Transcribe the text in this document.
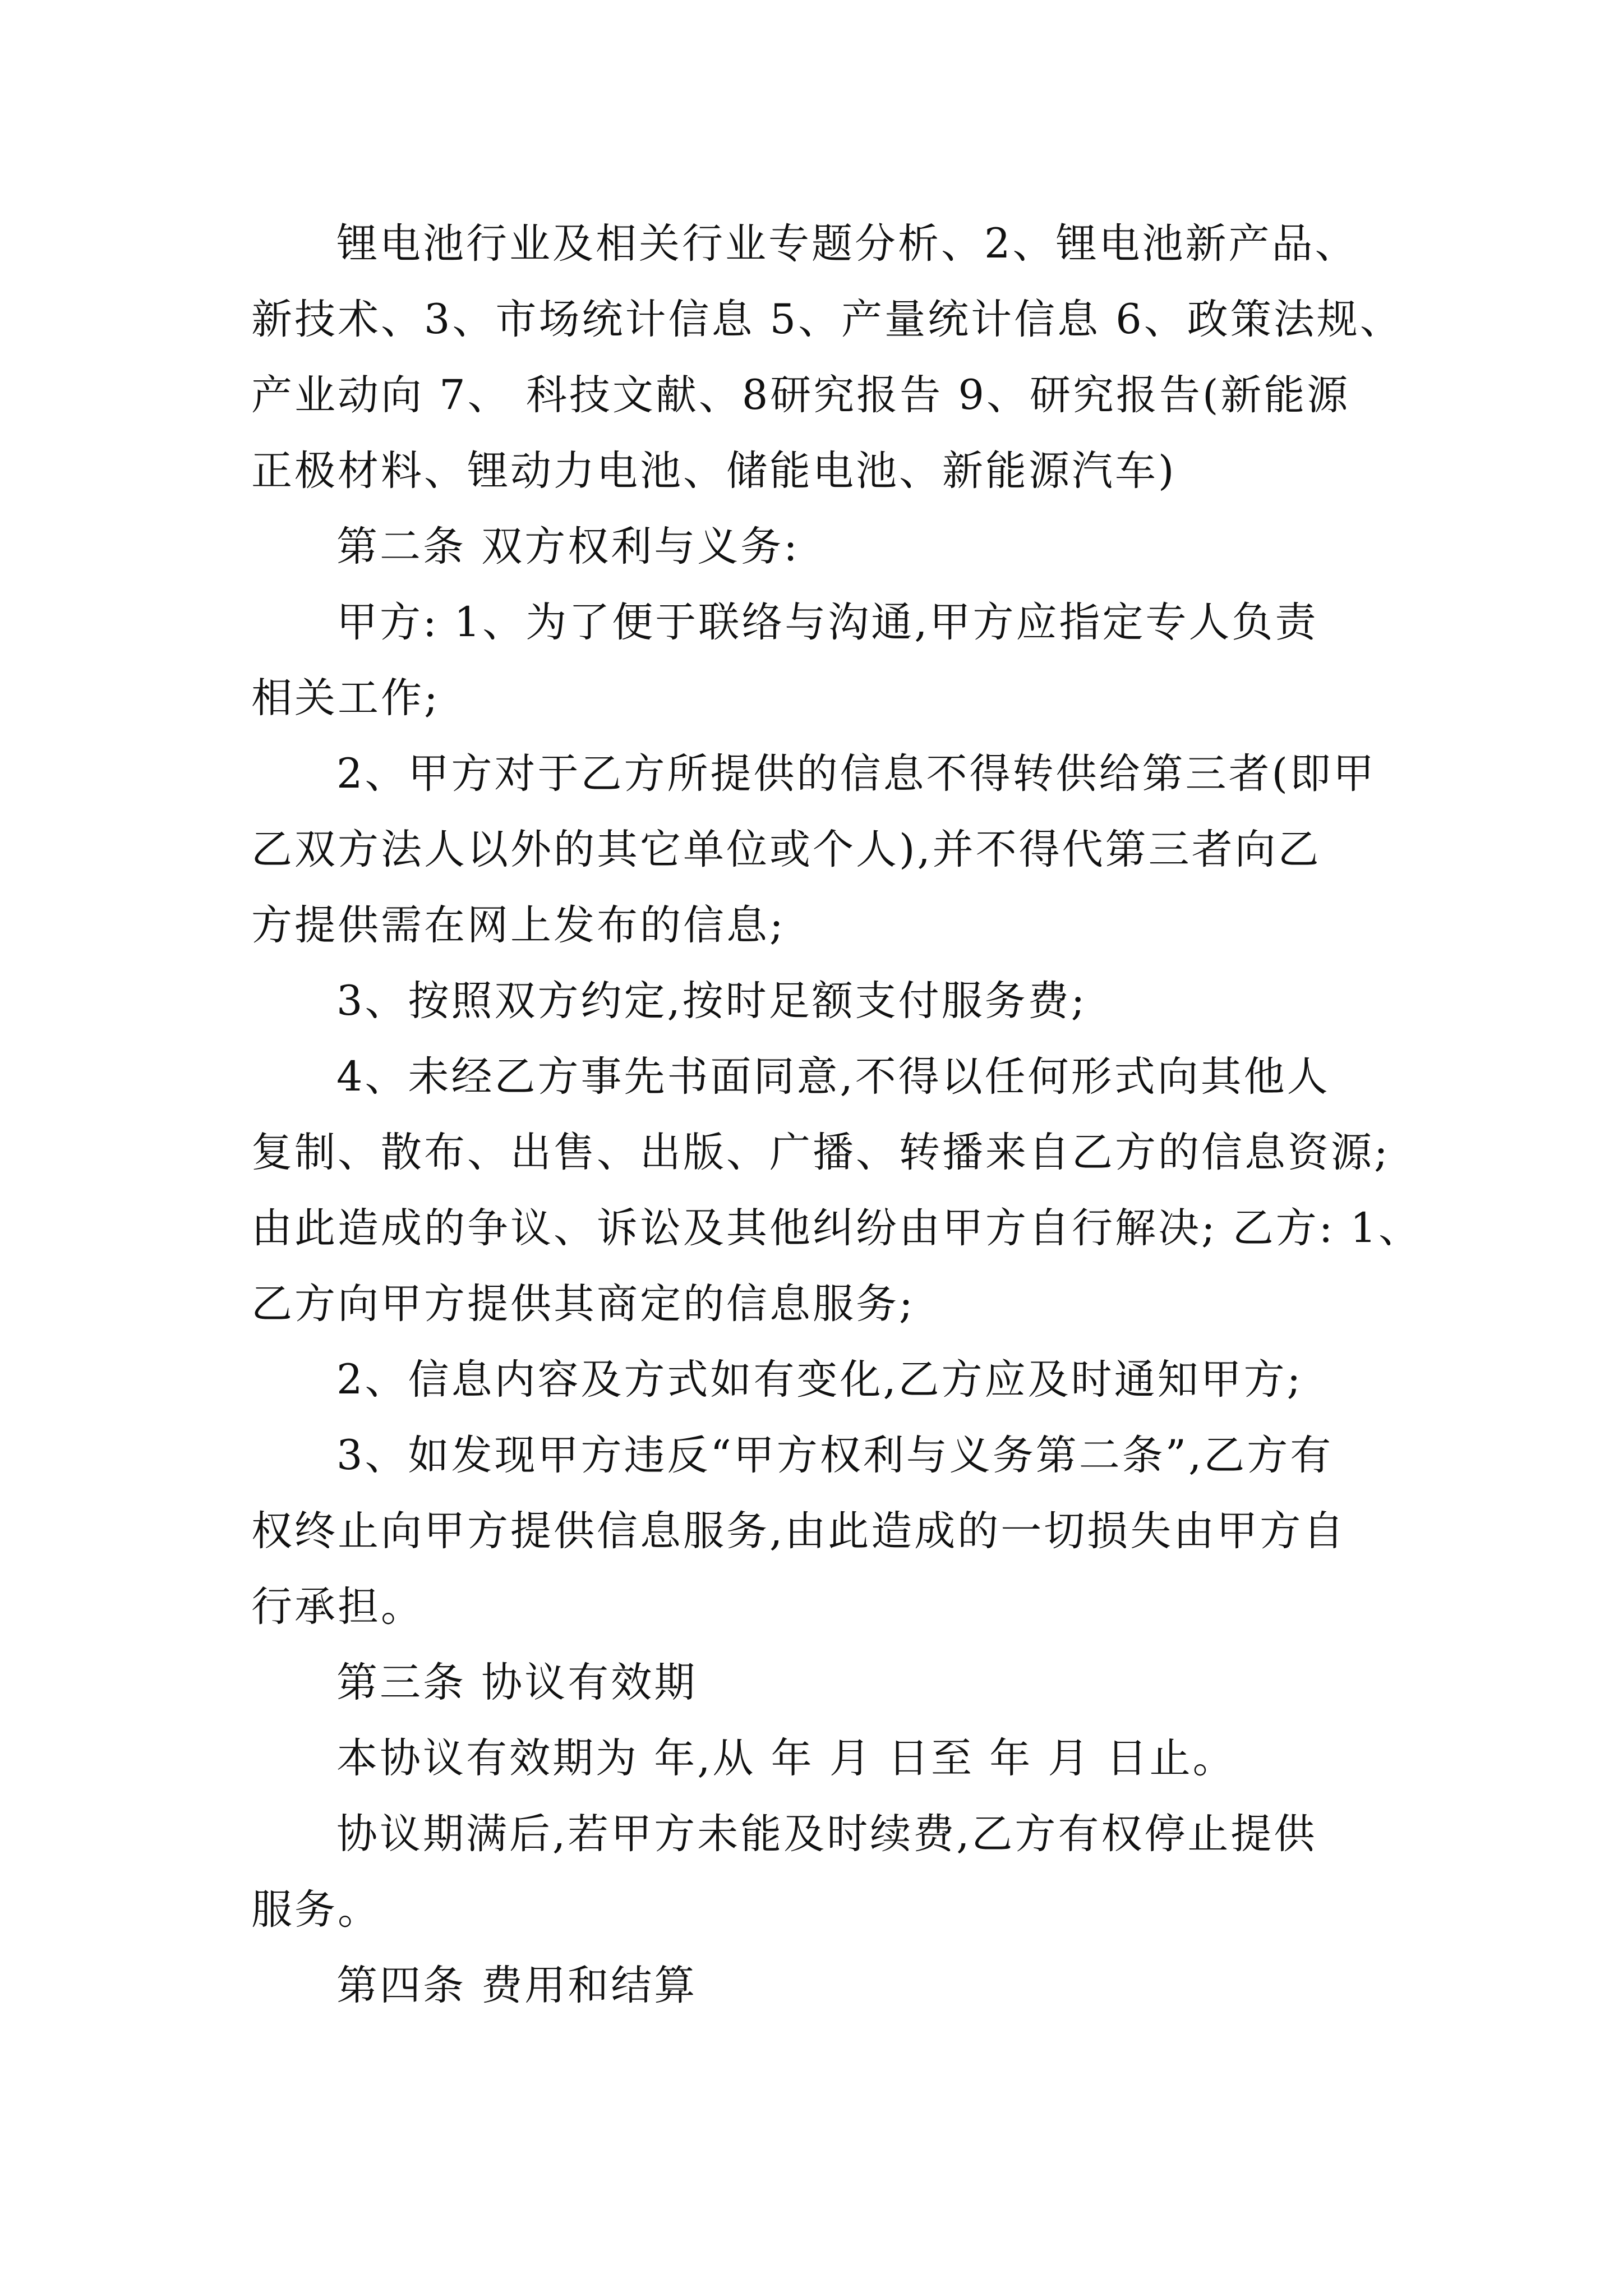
锂电池行业及相关行业专题分析、2、锂电池新产品、
新技术、3、市场统计信息 5、产量统计信息 6、政策法规、
产业动向 7、 科技文献、8研究报告 9、研究报告(新能源
正极材料、锂动力电池、储能电池、新能源汽车)
第二条 双方权利与义务:
甲方: 1、为了便于联络与沟通,甲方应指定专人负责
相关工作;
2、甲方对于乙方所提供的信息不得转供给第三者(即甲
乙双方法人以外的其它单位或个人),并不得代第三者向乙
方提供需在网上发布的信息;
3、按照双方约定,按时足额支付服务费;
4、未经乙方事先书面同意,不得以任何形式向其他人
复制、散布、出售、出版、广播、转播来自乙方的信息资源;
由此造成的争议、诉讼及其他纠纷由甲方自行解决; 乙方: 1、
乙方向甲方提供其商定的信息服务;
2、信息内容及方式如有变化,乙方应及时通知甲方;
3、如发现甲方违反“甲方权利与义务第二条”,乙方有
权终止向甲方提供信息服务,由此造成的一切损失由甲方自
行承担。
第三条 协议有效期
本协议有效期为 年,从 年 月 日至 年 月 日止。
协议期满后,若甲方未能及时续费,乙方有权停止提供
服务。
第四条 费用和结算
